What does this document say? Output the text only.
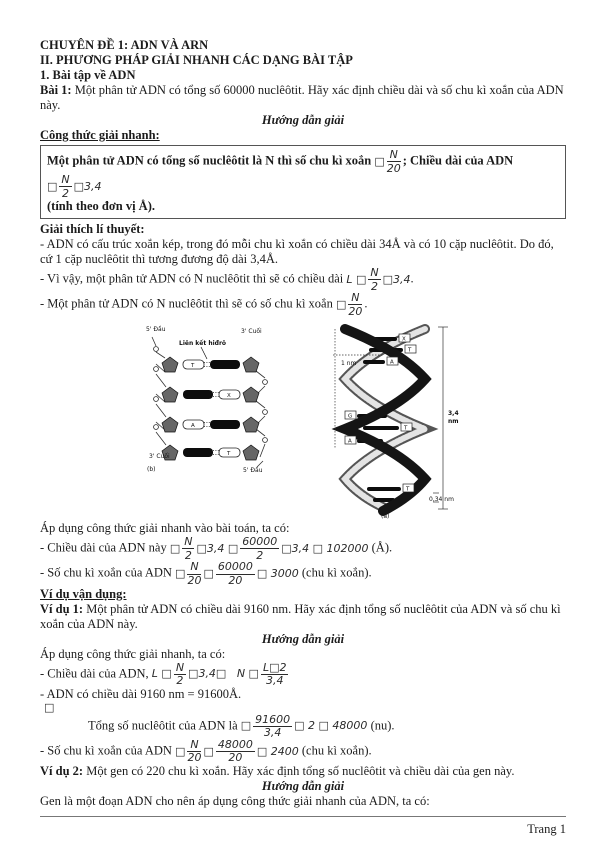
CHUYÊN ĐỀ 1: ADN VÀ ARN

II. PHƯƠNG PHÁP GIẢI NHANH CÁC DẠNG BÀI TẬP

1. Bài tập về ADN

Bài 1: Một phân tử ADN có tổng số 60000 nuclêôtit. Hãy xác định chiều dài và số chu kì xoắn của ADN này.

Hướng dẫn giải

Công thức giải nhanh:

Một phân tử ADN có tổng số nuclêôtit là N thì số chu kì xoắn □ $\frac{N}{20}$ ; Chiều dài của ADN □ $\frac{N}{2}$ □3,4

(tính theo đơn vị Å).

Giải thích lí thuyết:

- ADN có cấu trúc xoắn kép, trong đó mỗi chu kì xoắn có chiều dài 34Å và có 10 cặp nuclêôtit. Do đó, cứ 1 cặp nuclêôtit thì tương đương độ dài 3,4Å.

- Vì vậy, một phân tử ADN có N nuclêôtit thì sẽ có chiều dài L □ $\frac{N}{2}$ □3,4.

- Một phân tử ADN có N nuclêôtit thì sẽ có số chu kì xoắn □ $\frac{N}{20}$ .

T
X
A
T
5' Đầu	3' Cuối
Liên kết hiđrô
3' Cuối
(b)	5' Đầu
X
T
A
G
T
A
T
1 nm
3,4
nm
0,34 nm
(a)

Áp dụng công thức giải nhanh vào bài toán, ta có:

- Chiều dài của ADN này □ $\frac{N}{2}$ □3,4 □ $\frac{60000}{2}$ □3,4 □ 102000 (Å).

- Số chu kì xoắn của ADN □ $\frac{N}{20}$ □ $\frac{60000}{20}$ □ 3000 (chu kì xoắn).

Ví dụ vận dụng:

Ví dụ 1: Một phân tử ADN có chiều dài 9160 nm. Hãy xác định tổng số nuclêôtit của ADN và số chu kì xoắn của ADN này.

Hướng dẫn giải

Áp dụng công thức giải nhanh, ta có:

- Chiều dài của ADN, L □ $\frac{N}{2}$ □3,4□   N □ $\frac{L□2}{3,4}$

- ADN có chiều dài 9160 nm = 91600Å.

□

Tổng số nuclêôtit của ADN là □ $\frac{91600}{3,4}$ □ 2 □ 48000 (nu).

- Số chu kì xoắn của ADN □ $\frac{N}{20}$ □ $\frac{48000}{20}$ □ 2400 (chu kì xoắn).

Ví dụ 2: Một gen có 220 chu kì xoắn. Hãy xác định tổng số nuclêôtit và chiều dài của gen này.

Hướng dẫn giải

Gen là một đoạn ADN cho nên áp dụng công thức giải nhanh của ADN, ta có:

Trang 1
